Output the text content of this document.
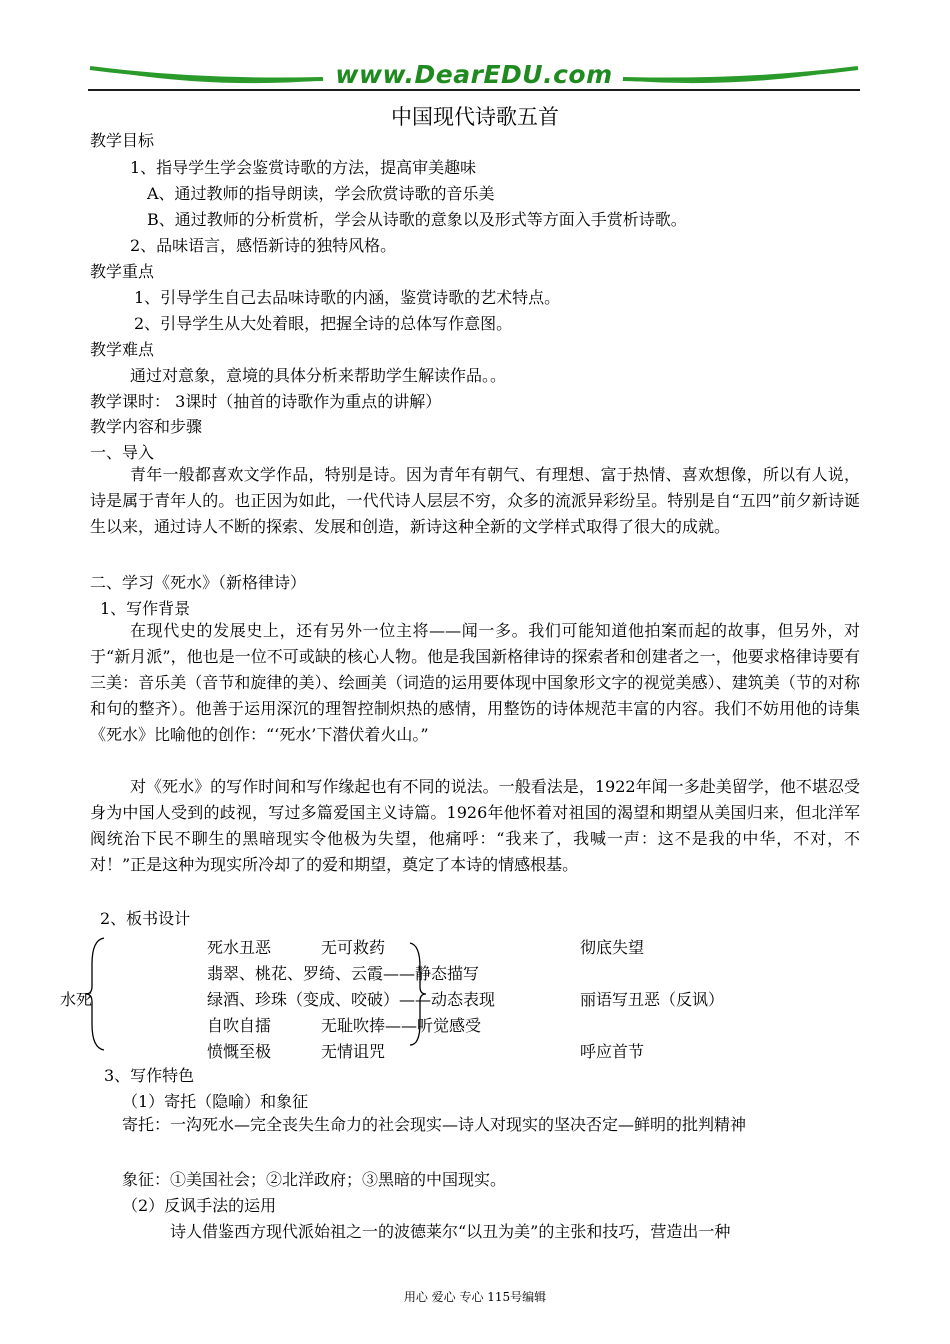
www.DearEDU.com
中国现代诗歌五首
教学目标
1、指导学生学会鉴赏诗歌的方法，提高审美趣味
A、通过教师的指导朗读，学会欣赏诗歌的音乐美
B、通过教师的分析赏析，学会从诗歌的意象以及形式等方面入手赏析诗歌。
2、品味语言，感悟新诗的独特风格。
教学重点
1、引导学生自己去品味诗歌的内涵，鉴赏诗歌的艺术特点。
2、引导学生从大处着眼，把握全诗的总体写作意图。
教学难点
通过对意象，意境的具体分析来帮助学生解读作品。。
教学课时： 3课时（抽首的诗歌作为重点的讲解）
教学内容和步骤
一、导入
青年一般都喜欢文学作品，特别是诗。因为青年有朝气、有理想、富于热情、喜欢想像，所以有人说，诗是属于青年人的。也正因为如此，一代代诗人层层不穷，众多的流派异彩纷呈。特别是自“五四”前夕新诗诞生以来，通过诗人不断的探索、发展和创造，新诗这种全新的文学样式取得了很大的成就。
二、学习《死水》（新格律诗）
1、写作背景
在现代史的发展史上，还有另外一位主将——闻一多。我们可能知道他拍案而起的故事，但另外，对于“新月派”，他也是一位不可或缺的核心人物。他是我国新格律诗的探索者和创建者之一，他要求格律诗要有三美：音乐美（音节和旋律的美）、绘画美（词造的运用要体现中国象形文字的视觉美感）、建筑美（节的对称和句的整齐）。他善于运用深沉的理智控制炽热的感情，用整饬的诗体规范丰富的内容。我们不妨用他的诗集《死水》比喻他的创作：“‘死水’下潜伏着火山。”
对《死水》的写作时间和写作缘起也有不同的说法。一般看法是，1922年闻一多赴美留学，他不堪忍受身为中国人受到的歧视，写过多篇爱国主义诗篇。1926年他怀着对祖国的渴望和期望从美国归来，但北洋军阀统治下民不聊生的黑暗现实令他极为失望，他痛呼：“我来了，我喊一声：这不是我的中华，不对，不对！”正是这种为现实所冷却了的爱和期望，奠定了本诗的情感根基。
2、板书设计
水死
死水丑恶	无可救药	彻底失望
翡翠、桃花、罗绮、云霞——静态描写
绿酒、珍珠（变成、咬破）——动态表现	丽语写丑恶（反讽）
自吹自擂	无耻吹捧——听觉感受
愤慨至极	无情诅咒	呼应首节
3、写作特色
（1）寄托（隐喻）和象征
寄托：一沟死水—完全丧失生命力的社会现实—诗人对现实的坚决否定—鲜明的批判精神
象征：①美国社会；②北洋政府；③黑暗的中国现实。
（2）反讽手法的运用
诗人借鉴西方现代派始祖之一的波德莱尔“以丑为美”的主张和技巧，营造出一种
用心 爱心 专心 115号编辑
